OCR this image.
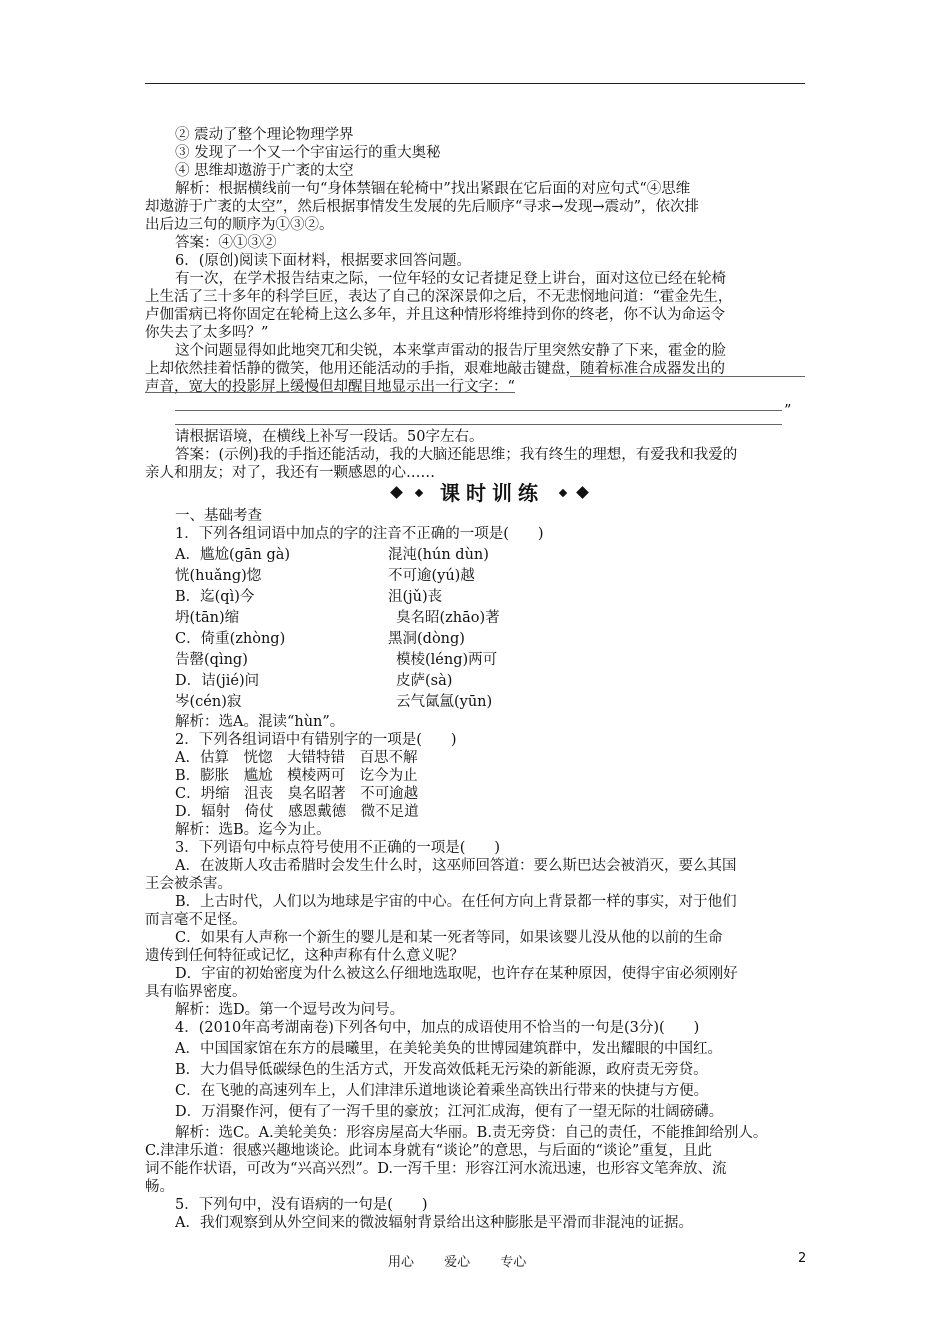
② 震动了整个理论物理学界
③ 发现了一个又一个宇宙运行的重大奥秘
④ 思维却遨游于广袤的太空
解析：根据横线前一句“身体禁锢在轮椅中”找出紧跟在它后面的对应句式“④思维
却遨游于广袤的太空”，然后根据事情发生发展的先后顺序“寻求→发现→震动”，依次排
出后边三句的顺序为①③②。
答案：④①③②
6．(原创)阅读下面材料，根据要求回答问题。
有一次，在学术报告结束之际，一位年轻的女记者捷足登上讲台，面对这位已经在轮椅
上生活了三十多年的科学巨匠，表达了自己的深深景仰之后，不无悲悯地问道：“霍金先生，
卢伽雷病已将你固定在轮椅上这么多年，并且这种情形将维持到你的终老，你不认为命运令
你失去了太多吗？”
这个问题显得如此地突兀和尖锐，本来掌声雷动的报告厅里突然安静了下来，霍金的脸
上却依然挂着恬静的微笑，他用还能活动的手指，艰难地敲击键盘，随着标准合成器发出的
声音，宽大的投影屏上缓慢但却醒目地显示出一行文字：“
”
请根据语境，在横线上补写一段话。50字左右。
答案：(示例)我的手指还能活动，我的大脑还能思维；我有终生的理想，有爱我和我爱的
亲人和朋友；对了，我还有一颗感恩的心……
课时训练
一、基础考查
1．下列各组词语中加点的字的注音不正确的一项是(　　)
A．尴尬(gān gà)	混沌(hún dùn)
恍(huǎng)惚	不可逾(yú)越
B．迄(qì)今	沮(jǔ)丧
坍(tān)缩	臭名昭(zhāo)著
C．倚重(zhòng)	黑洞(dòng)
告罄(qìng)	模棱(léng)两可
D．诘(jié)问	皮萨(sà)
岑(cén)寂	云气氤氲(yūn)
解析：选A。混读“hùn”。
2．下列各组词语中有错别字的一项是(　　)
A．估算　恍惚　大错特错　百思不解
B．膨胀　尴尬　模棱两可　讫今为止
C．坍缩　沮丧　臭名昭著　不可逾越
D．辐射　倚仗　感恩戴德　微不足道
解析：选B。迄今为止。
3．下列语句中标点符号使用不正确的一项是(　　)
A．在波斯人攻击希腊时会发生什么时，这巫师回答道：要么斯巴达会被消灭，要么其国
王会被杀害。
B．上古时代，人们以为地球是宇宙的中心。在任何方向上背景都一样的事实，对于他们
而言毫不足怪。
C．如果有人声称一个新生的婴儿是和某一死者等同，如果该婴儿没从他的以前的生命
遗传到任何特征或记忆，这种声称有什么意义呢？
D．宇宙的初始密度为什么被这么仔细地选取呢，也许存在某种原因，使得宇宙必须刚好
具有临界密度。
解析：选D。第一个逗号改为问号。
4．(2010年高考湖南卷)下列各句中，加点的成语使用不恰当的一句是(3分)(　　)
A．中国国家馆在东方的晨曦里，在美轮美奂的世博园建筑群中，发出耀眼的中国红。
B．大力倡导低碳绿色的生活方式，开发高效低耗无污染的新能源，政府责无旁贷。
C．在飞驰的高速列车上，人们津津乐道地谈论着乘坐高铁出行带来的快捷与方便。
D．万涓聚作河，便有了一泻千里的豪放；江河汇成海，便有了一望无际的壮阔磅礴。
解析：选C。A.美轮美奂：形容房屋高大华丽。B.责无旁贷：自己的责任，不能推卸给别人。
C.津津乐道：很感兴趣地谈论。此词本身就有“谈论”的意思，与后面的“谈论”重复，且此
词不能作状语，可改为“兴高兴烈”。D.一泻千里：形容江河水流迅速，也形容文笔奔放、流
畅。
5．下列句中，没有语病的一句是(　　)
A．我们观察到从外空间来的微波辐射背景给出这种膨胀是平滑而非混沌的证据。
用心 爱心 专心	2
